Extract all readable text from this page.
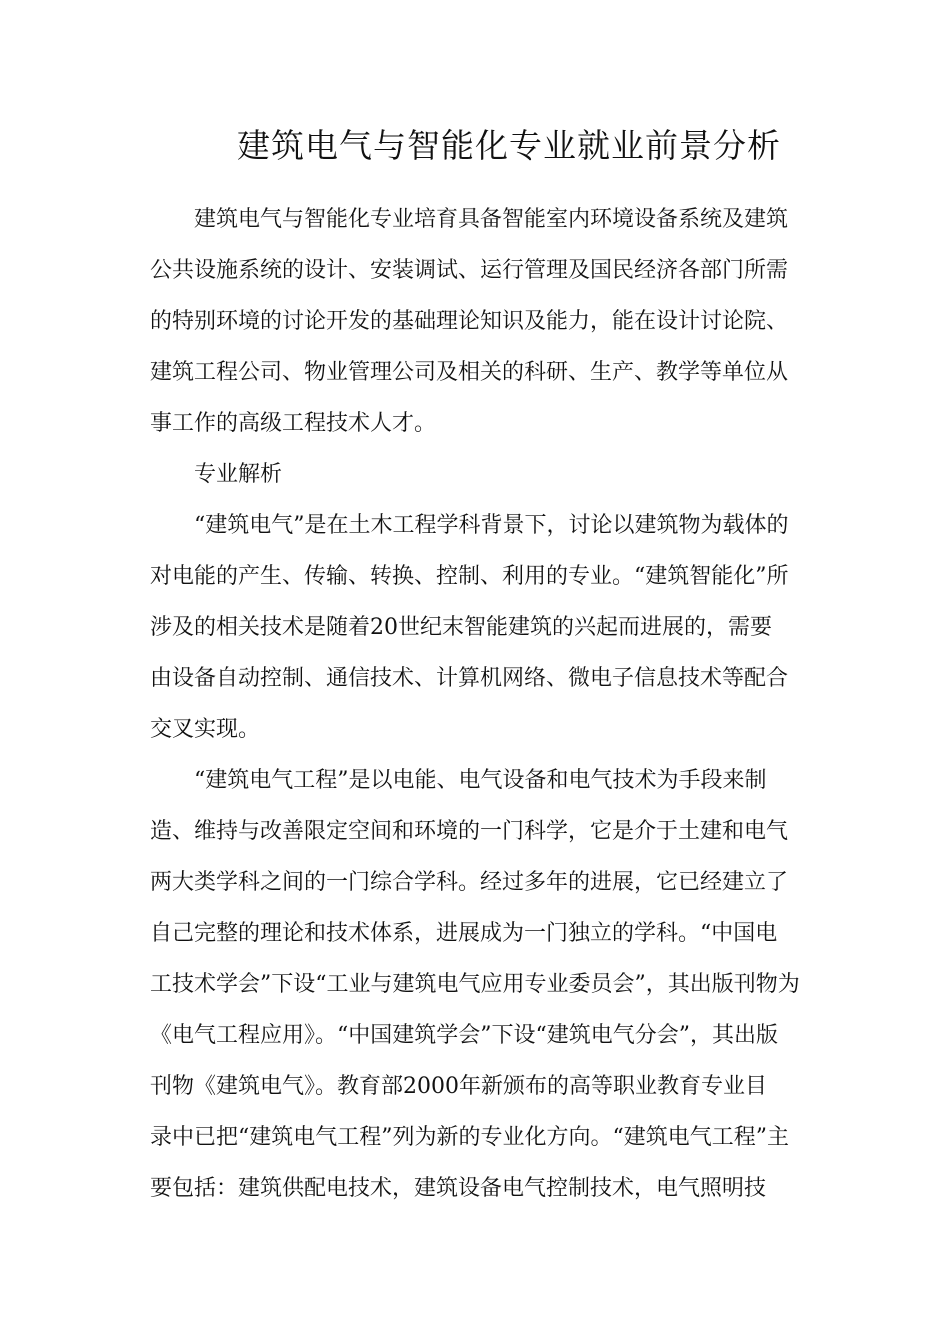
建筑电气与智能化专业就业前景分析
建筑电气与智能化专业培育具备智能室内环境设备系统及建筑
公共设施系统的设计、安装调试、运行管理及国民经济各部门所需
的特别环境的讨论开发的基础理论知识及能力，能在设计讨论院、
建筑工程公司、物业管理公司及相关的科研、生产、教学等单位从
事工作的高级工程技术人才。
专业解析
“建筑电气”是在土木工程学科背景下，讨论以建筑物为载体的
对电能的产生、传输、转换、控制、利用的专业。“建筑智能化”所
涉及的相关技术是随着20世纪末智能建筑的兴起而进展的，需要
由设备自动控制、通信技术、计算机网络、微电子信息技术等配合
交叉实现。
“建筑电气工程”是以电能、电气设备和电气技术为手段来制
造、维持与改善限定空间和环境的一门科学，它是介于土建和电气
两大类学科之间的一门综合学科。经过多年的进展，它已经建立了
自己完整的理论和技术体系，进展成为一门独立的学科。“中国电
工技术学会”下设“工业与建筑电气应用专业委员会”，其出版刊物为
《电气工程应用》。“中国建筑学会”下设“建筑电气分会”，其出版
刊物《建筑电气》。教育部2000年新颁布的高等职业教育专业目
录中已把“建筑电气工程”列为新的专业化方向。“建筑电气工程”主
要包括：建筑供配电技术，建筑设备电气控制技术，电气照明技
